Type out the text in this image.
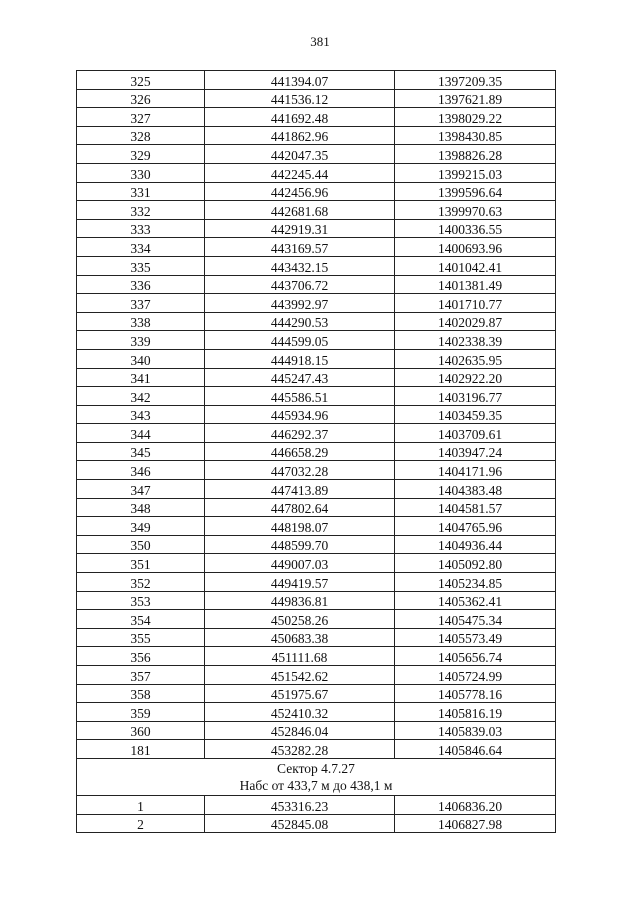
381
325	441394.07	1397209.35
326	441536.12	1397621.89
327	441692.48	1398029.22
328	441862.96	1398430.85
329	442047.35	1398826.28
330	442245.44	1399215.03
331	442456.96	1399596.64
332	442681.68	1399970.63
333	442919.31	1400336.55
334	443169.57	1400693.96
335	443432.15	1401042.41
336	443706.72	1401381.49
337	443992.97	1401710.77
338	444290.53	1402029.87
339	444599.05	1402338.39
340	444918.15	1402635.95
341	445247.43	1402922.20
342	445586.51	1403196.77
343	445934.96	1403459.35
344	446292.37	1403709.61
345	446658.29	1403947.24
346	447032.28	1404171.96
347	447413.89	1404383.48
348	447802.64	1404581.57
349	448198.07	1404765.96
350	448599.70	1404936.44
351	449007.03	1405092.80
352	449419.57	1405234.85
353	449836.81	1405362.41
354	450258.26	1405475.34
355	450683.38	1405573.49
356	451111.68	1405656.74
357	451542.62	1405724.99
358	451975.67	1405778.16
359	452410.32	1405816.19
360	452846.04	1405839.03
181	453282.28	1405846.64

Сектор 4.7.27
Набс от 433,7 м до 438,1 м		

1	453316.23	1406836.20
2	452845.08	1406827.98
